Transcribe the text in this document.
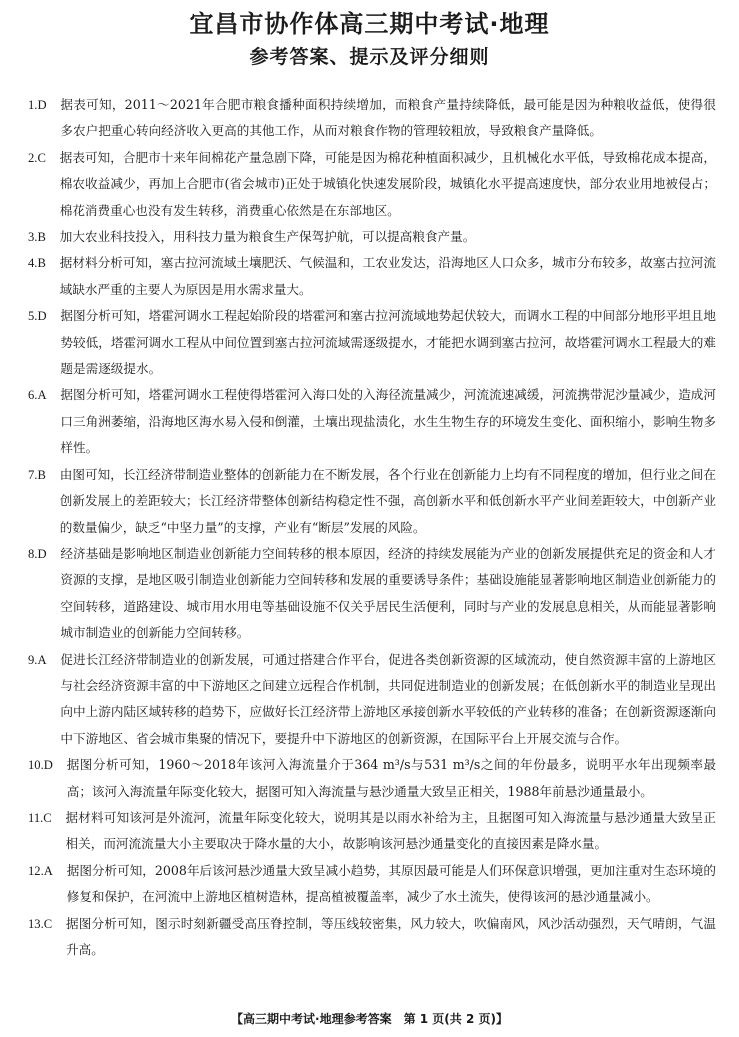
宜昌市协作体高三期中考试·地理
参考答案、提示及评分细则
1.D 据表可知，2011～2021年合肥市粮食播种面积持续增加，而粮食产量持续降低，最可能是因为种粮收益低，使得很多农户把重心转向经济收入更高的其他工作，从而对粮食作物的管理较粗放，导致粮食产量降低。
2.C 据表可知，合肥市十来年间棉花产量急剧下降，可能是因为棉花种植面积减少，且机械化水平低，导致棉花成本提高，棉农收益减少，再加上合肥市(省会城市)正处于城镇化快速发展阶段，城镇化水平提高速度快，部分农业用地被侵占；棉花消费重心也没有发生转移，消费重心依然是在东部地区。
3.B 加大农业科技投入，用科技力量为粮食生产保驾护航，可以提高粮食产量。
4.B 据材料分析可知，塞古拉河流域土壤肥沃、气候温和，工农业发达，沿海地区人口众多，城市分布较多，故塞古拉河流域缺水严重的主要人为原因是用水需求量大。
5.D 据图分析可知，塔霍河调水工程起始阶段的塔霍河和塞古拉河流域地势起伏较大，而调水工程的中间部分地形平坦且地势较低，塔霍河调水工程从中间位置到塞古拉河流域需逐级提水，才能把水调到塞古拉河，故塔霍河调水工程最大的难题是需逐级提水。
6.A 据图分析可知，塔霍河调水工程使得塔霍河入海口处的入海径流量减少，河流流速减缓，河流携带泥沙量减少，造成河口三角洲萎缩，沿海地区海水易入侵和倒灌，土壤出现盐渍化，水生生物生存的环境发生变化、面积缩小，影响生物多样性。
7.B 由图可知，长江经济带制造业整体的创新能力在不断发展，各个行业在创新能力上均有不同程度的增加，但行业之间在创新发展上的差距较大；长江经济带整体创新结构稳定性不强，高创新水平和低创新水平产业间差距较大，中创新产业的数量偏少，缺乏“中坚力量”的支撑，产业有“断层”发展的风险。
8.D 经济基础是影响地区制造业创新能力空间转移的根本原因，经济的持续发展能为产业的创新发展提供充足的资金和人才资源的支撑，是地区吸引制造业创新能力空间转移和发展的重要诱导条件；基础设施能显著影响地区制造业创新能力的空间转移，道路建设、城市用水用电等基础设施不仅关乎居民生活便利，同时与产业的发展息息相关，从而能显著影响城市制造业的创新能力空间转移。
9.A 促进长江经济带制造业的创新发展，可通过搭建合作平台，促进各类创新资源的区域流动，使自然资源丰富的上游地区与社会经济资源丰富的中下游地区之间建立远程合作机制，共同促进制造业的创新发展；在低创新水平的制造业呈现出向中上游内陆区域转移的趋势下，应做好长江经济带上游地区承接创新水平较低的产业转移的准备；在创新资源逐渐向中下游地区、省会城市集聚的情况下，要提升中下游地区的创新资源，在国际平台上开展交流与合作。
10.D 据图分析可知，1960～2018年该河入海流量介于364 m³/s与531 m³/s之间的年份最多，说明平水年出现频率最高；该河入海流量年际变化较大，据图可知入海流量与悬沙通量大致呈正相关，1988年前悬沙通量最小。
11.C 据材料可知该河是外流河，流量年际变化较大，说明其是以雨水补给为主，且据图可知入海流量与悬沙通量大致呈正相关，而河流流量大小主要取决于降水量的大小，故影响该河悬沙通量变化的直接因素是降水量。
12.A 据图分析可知，2008年后该河悬沙通量大致呈减小趋势，其原因最可能是人们环保意识增强，更加注重对生态环境的修复和保护，在河流中上游地区植树造林，提高植被覆盖率，减少了水土流失，使得该河的悬沙通量减小。
13.C 据图分析可知，图示时刻新疆受高压脊控制，等压线较密集，风力较大，吹偏南风，风沙活动强烈，天气晴朗，气温升高。
【高三期中考试·地理参考答案　第 1 页(共 2 页)】
